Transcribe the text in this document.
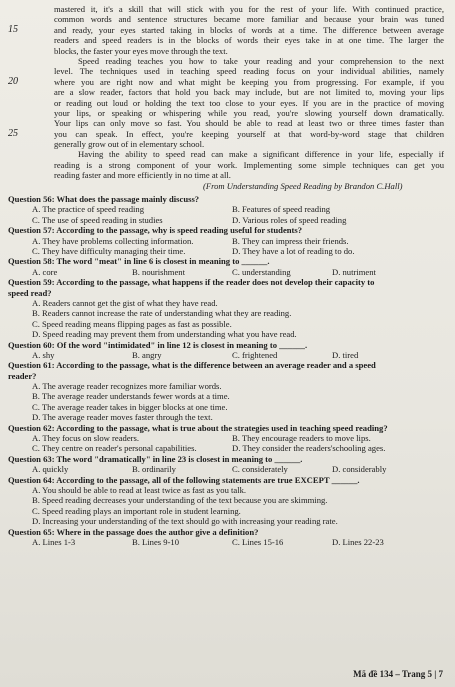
mastered it, it's a skill that will stick with you for the rest of your life. With continued practice,
common words and sentence structures became more familiar and because your brain was tuned
and ready, your eyes started taking in blocks of words at a time. The difference between average
15
readers and speed readers is in the blocks of words their eyes take in at one time. The larger the
blocks, the faster your eyes move through the text.
Speed reading teaches you how to take your reading and your comprehension to the next
level. The techniques used in teaching speed reading focus on your individual abilities, namely
where you are right now and what might be keeping you from progressing. For example, if you
20
are a slow reader, factors that hold you back may include, but are not limited to, moving your lips
or reading out loud or holding the text too close to your eyes. If you are in the practice of moving
your lips, or speaking or whispering while you read, you're slowing yourself down dramatically.
Your lips can only move so fast. You should be able to read at least two or three times faster than
you can speak. In effect, you're keeping yourself at that word-by-word stage that children
25
generally grow out of in elementary school.
Having the ability to speed read can make a significant difference in your life, especially if
reading is a strong component of your work. Implementing some simple techniques can get you
reading faster and more efficiently in no time at all.
(From Understanding Speed Reading by Brandon C.Hall)
Question 56: What does the passage mainly discuss?
A. The practice of speed reading	B. Features of speed reading
C. The use of speed reading in studies	D. Various roles of speed reading
Question 57: According to the passage, why is speed reading useful for students?
A. They have problems collecting information.	B. They can impress their friends.
C. They have difficulty managing their time.	D. They have a lot of reading to do.
Question 58: The word "meat" in line 6 is closest in meaning to ______.
A. core	B. nourishment	C. understanding	D. nutriment
Question 59: According to the passage, what happens if the reader does not develop their capacity to
speed read?
A. Readers cannot get the gist of what they have read.
B. Readers cannot increase the rate of understanding what they are reading.
C. Speed reading means flipping pages as fast as possible.
D. Speed reading may prevent them from understanding what you have read.
Question 60: Of the word "intimidated" in line 12 is closest in meaning to ______.
A. shy	B. angry	C. frightened	D. tired
Question 61: According to the passage, what is the difference between an average reader and a speed
reader?
A. The average reader recognizes more familiar words.
B. The average reader understands fewer words at a time.
C. The average reader takes in bigger blocks at one time.
D. The average reader moves faster through the text.
Question 62: According to the passage, what is true about the strategies used in teaching speed reading?
A. They focus on slow readers.	B. They encourage readers to move lips.
C. They centre on reader's personal capabilities.	D. They consider the readers'schooling ages.
Question 63: The word "dramatically" in line 23 is closest in meaning to ______.
A. quickly	B. ordinarily	C. considerately	D. considerably
Question 64: According to the passage, all of the following statements are true EXCEPT ______.
A. You should be able to read at least twice as fast as you talk.
B. Speed reading decreases your understanding of the text because you are skimming.
C. Speed reading plays an important role in student learning.
D. Increasing your understanding of the text should go with increasing your reading rate.
Question 65: Where in the passage does the author give a definition?
A. Lines 1-3	B. Lines 9-10	C. Lines 15-16	D. Lines 22-23
Mã đề 134 – Trang 5 | 7
